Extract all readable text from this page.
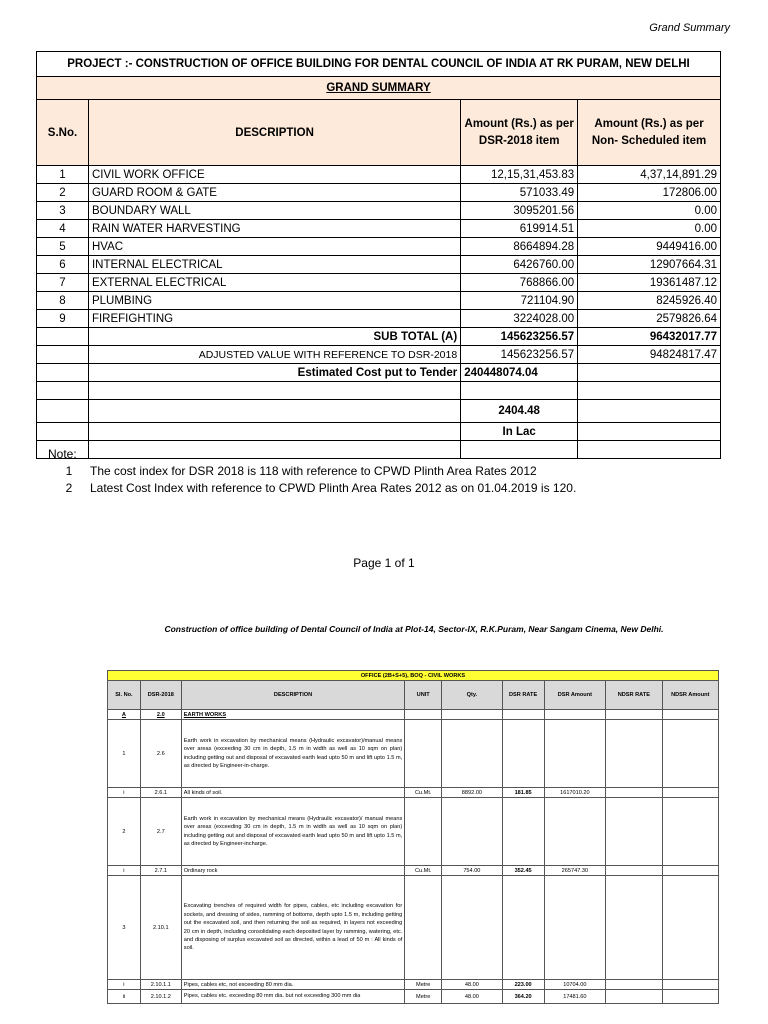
Grand Summary
PROJECT :- CONSTRUCTION OF OFFICE BUILDING FOR DENTAL COUNCIL OF INDIA AT RK PURAM, NEW DELHI			
GRAND SUMMARY			
S.No.	DESCRIPTION	Amount (Rs.) as per DSR-2018 item	Amount (Rs.) as per Non- Scheduled item
1	CIVIL WORK OFFICE	12,15,31,453.83	4,37,14,891.29
2	GUARD ROOM & GATE	571033.49	172806.00
3	BOUNDARY WALL	3095201.56	0.00
4	RAIN WATER HARVESTING	619914.51	0.00
5	HVAC	8664894.28	9449416.00
6	INTERNAL ELECTRICAL	6426760.00	12907664.31
7	EXTERNAL ELECTRICAL	768866.00	19361487.12
8	PLUMBING	721104.90	8245926.40
9	FIREFIGHTING	3224028.00	2579826.64
	SUB TOTAL (A)	145623256.57	96432017.77
	ADJUSTED VALUE WITH REFERENCE TO DSR-2018	145623256.57	94824817.47
	Estimated Cost put to Tender	240448074.04	

		2404.48	
		In Lac	

Note:
1	The cost index for DSR 2018 is 118 with reference to CPWD Plinth Area Rates 2012
2	Latest Cost Index with reference to CPWD Plinth Area Rates 2012 as on 01.04.2019 is 120.
Page 1 of 1
Construction of office building of Dental Council of India at Plot-14, Sector-IX, R.K.Puram, Near Sangam Cinema, New Delhi.
OFFICE (2B+S+5), BOQ - CIVIL WORKS								
Sl. No.	DSR-2018	DESCRIPTION	UNIT	Qty.	DSR RATE	DSR Amount	NDSR RATE	NDSR Amount
A	2.0	EARTH WORKS						
1	2.6	Earth work in excavation by mechanical means (Hydraulic excavator)/manual means over areas (exceeding 30 cm in depth, 1.5 m in width as well as 10 sqm on plan) including getting out and disposal of excavated earth lead upto 50 m and lift upto 1.5 m, as directed by Engineer-in-charge.						
i	2.6.1	All kinds of soil.	Cu.Mt.	8892.00	181.85	1617010.20		
2	2.7	Earth work in excavation by mechanical means (Hydraulic excavator)/ manual means over areas (exceeding 30 cm in depth, 1.5 m in width as well as 10 sqm on plan) including getting out and disposal of excavated earth lead upto 50 m and lift upto 1.5 m, as directed by Engineer-incharge.						
i	2.7.1	Ordinary rock	Cu.Mt.	754.00	352.45	265747.30		
3	2.10.1	Excavating trenches of required width for pipes, cables, etc including excavation for sockets, and dressing of sides, ramming of bottoms, depth upto 1.5 m, including getting out the excavated soil, and then returning the soil as required, in layers not exceeding 20 cm in depth, including consolidating each deposited layer by ramming, watering, etc. and disposing of surplus excavated soil as directed, within a lead of 50 m : All kinds of soil.						
i	2.10.1.1	Pipes, cables etc, not exceeding 80 mm dia.	Metre	48.00	223.00	10704.00		
ii	2.10.1.2	Pipes, cables etc. exceeding 80 mm dia. but not exceeding 300 mm dia	Metre	48.00	364.20	17481.60		
